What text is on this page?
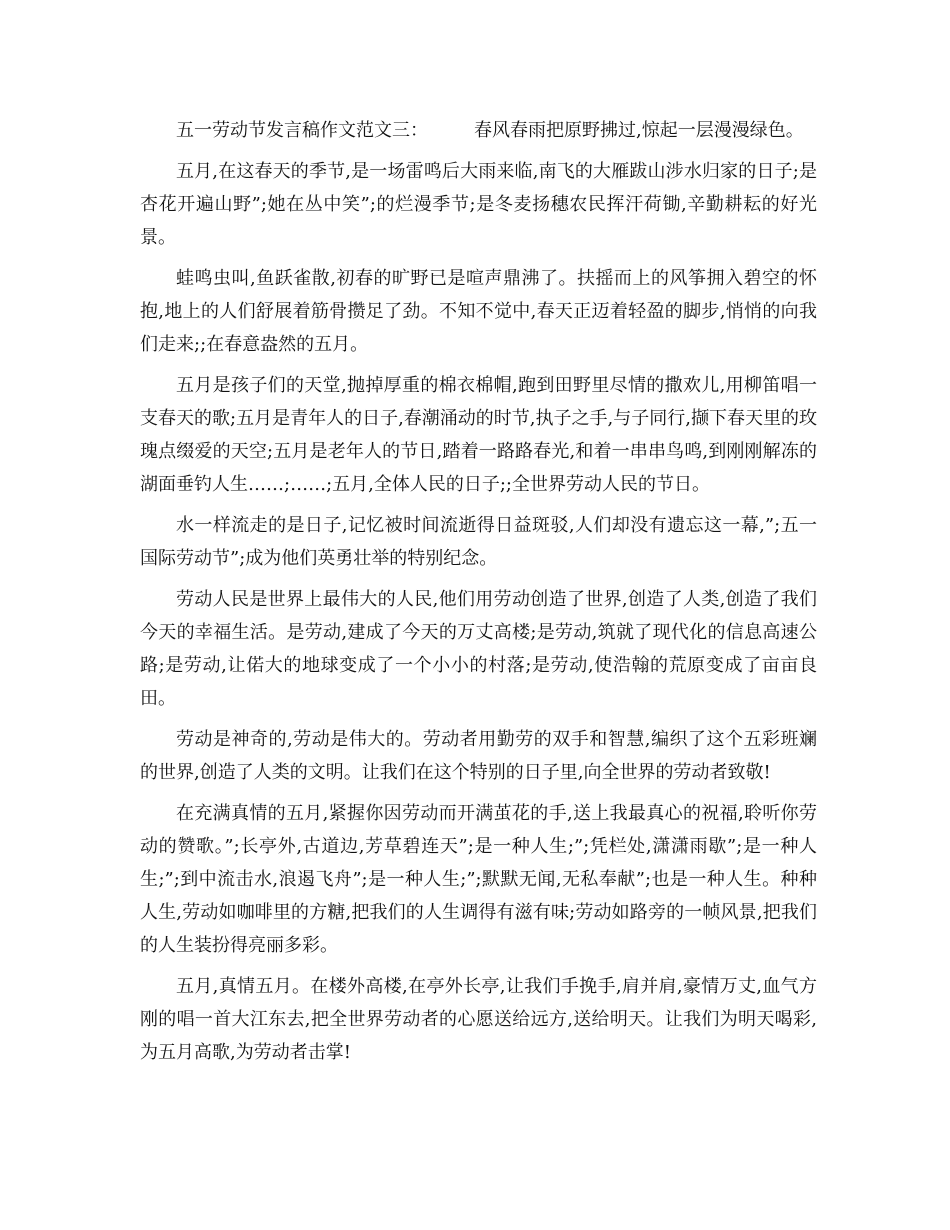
五一劳动节发言稿作文范文三：	春风春雨把原野拂过,惊起一层漫漫绿色。

五月,在这春天的季节,是一场雷鸣后大雨来临,南飞的大雁跋山涉水归家的日子;是杏花开遍山野”;她在丛中笑”;的烂漫季节;是冬麦扬穗农民挥汗荷锄,辛勤耕耘的好光景。

蛙鸣虫叫,鱼跃雀散,初春的旷野已是喧声鼎沸了。扶摇而上的风筝拥入碧空的怀抱,地上的人们舒展着筋骨攒足了劲。不知不觉中,春天正迈着轻盈的脚步,悄悄的向我们走来;;在春意盎然的五月。

五月是孩子们的天堂,抛掉厚重的棉衣棉帽,跑到田野里尽情的撒欢儿,用柳笛唱一支春天的歌;五月是青年人的日子,春潮涌动的时节,执子之手,与子同行,撷下春天里的玫瑰点缀爱的天空;五月是老年人的节日,踏着一路路春光,和着一串串鸟鸣,到刚刚解冻的湖面垂钓人生……;……;五月,全体人民的日子;;全世界劳动人民的节日。

水一样流走的是日子,记忆被时间流逝得日益斑驳,人们却没有遗忘这一幕,”;五一国际劳动节”;成为他们英勇壮举的特别纪念。

劳动人民是世界上最伟大的人民,他们用劳动创造了世界,创造了人类,创造了我们今天的幸福生活。是劳动,建成了今天的万丈高楼;是劳动,筑就了现代化的信息高速公路;是劳动,让偌大的地球变成了一个小小的村落;是劳动,使浩翰的荒原变成了亩亩良田。

劳动是神奇的,劳动是伟大的。劳动者用勤劳的双手和智慧,编织了这个五彩班斓的世界,创造了人类的文明。让我们在这个特别的日子里,向全世界的劳动者致敬!

在充满真情的五月,紧握你因劳动而开满茧花的手,送上我最真心的祝福,聆听你劳动的赞歌。”;长亭外,古道边,芳草碧连天”;是一种人生;”;凭栏处,潇潇雨歇”;是一种人生;”;到中流击水,浪遏飞舟”;是一种人生;”;默默无闻,无私奉献”;也是一种人生。种种人生,劳动如咖啡里的方糖,把我们的人生调得有滋有味;劳动如路旁的一帧风景,把我们的人生装扮得亮丽多彩。

五月,真情五月。在楼外高楼,在亭外长亭,让我们手挽手,肩并肩,豪情万丈,血气方刚的唱一首大江东去,把全世界劳动者的心愿送给远方,送给明天。让我们为明天喝彩,为五月高歌,为劳动者击掌!
